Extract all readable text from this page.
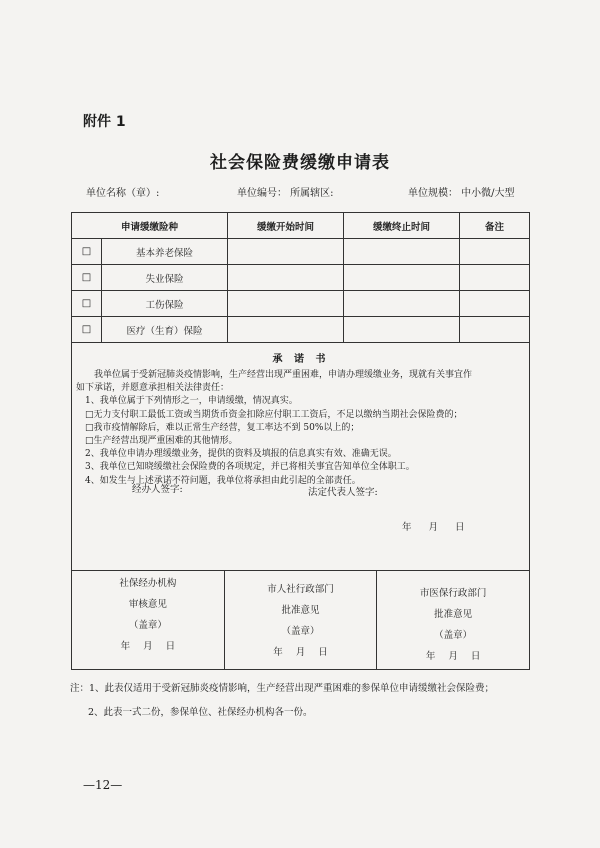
附件 1
社会保险费缓缴申请表
单位名称（章）:	单位编号： 所属辖区:	单位规模： 中小微/大型
申请缓缴险种	缓缴开始时间	缓缴终止时间	备注
□	基本养老保险			
□	失业保险			
□	工伤保险			
□	医疗（生育）保险			

承 诺 书
　　我单位属于受新冠肺炎疫情影响，生产经营出现严重困难，申请办理缓缴业务，现就有关事宜作
如下承诺，并愿意承担相关法律责任：
　1、我单位属于下列情形之一，申请缓缴，情况真实。
　□无力支付职工最低工资或当期货币资金扣除应付职工工资后，不足以缴纳当期社会保险费的；
　□我市疫情解除后，难以正常生产经营，复工率达不到 50%以上的；
　□生产经营出现严重困难的其他情形。
　2、我单位申请办理缓缴业务，提供的资料及填报的信息真实有效、准确无误。
　3、我单位已知晓缓缴社会保险费的各项规定，并已将相关事宜告知单位全体职工。
　4、如发生与上述承诺不符问题，我单位将承担由此引起的全部责任。
经办人签字:	法定代表人签字:
年 月 日

社保经办机构
审核意见
（盖章）
年 月 日

市人社行政部门
批准意见
（盖章）
年 月 日

市医保行政部门
批准意见
（盖章）
年 月 日
注：1、此表仅适用于受新冠肺炎疫情影响，生产经营出现严重困难的参保单位申请缓缴社会保险费；
2、此表一式二份，参保单位、社保经办机构各一份。
—12—
